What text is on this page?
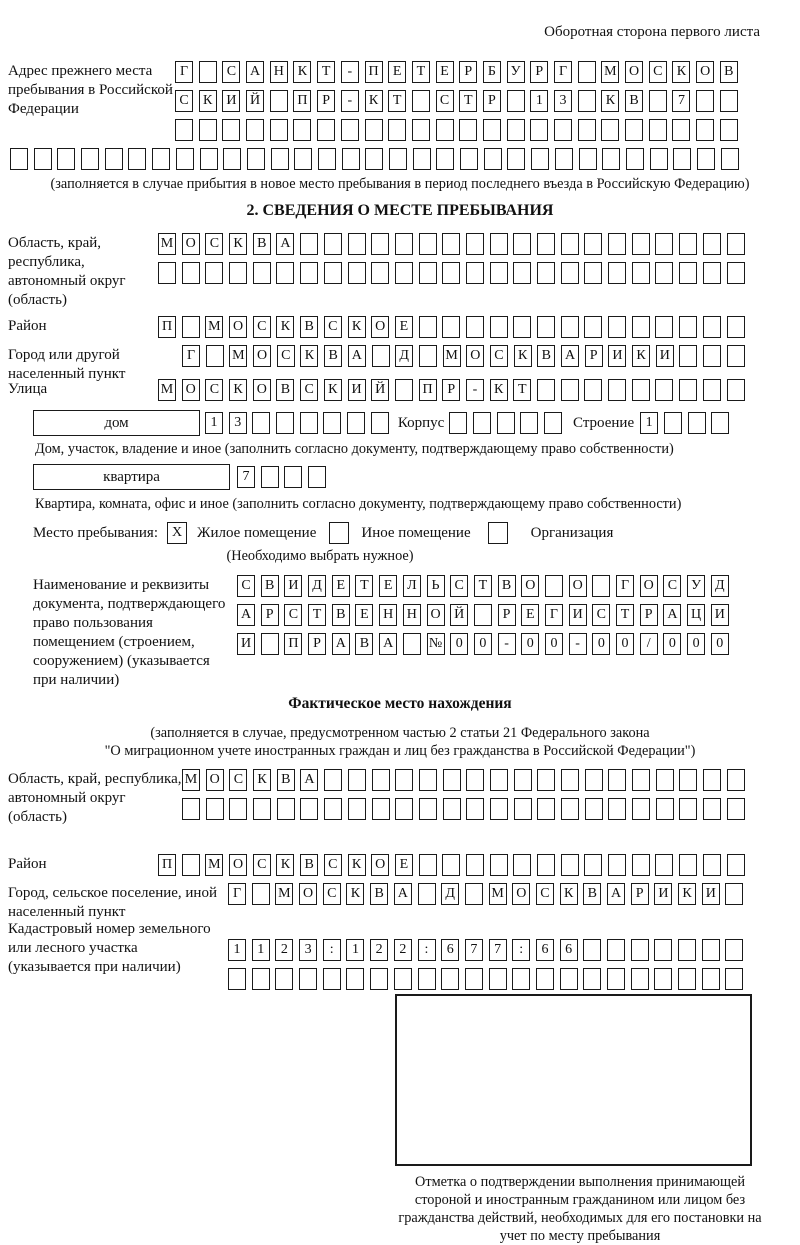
Оборотная сторона первого листа
Адрес прежнего места пребывания в Российской Федерации
Г	С А Н К	Т	-	П	Е	Т	Е	Р	Б	У	Р	Г	М О С	К О В
С	К И Й	П	Р	-	К	Т	С	Т	Р	1	3	К	В	7
(заполняется в случае прибытия в новое место пребывания в период последнего въезда в Российскую Федерацию)
2. СВЕДЕНИЯ О МЕСТЕ ПРЕБЫВАНИЯ
Область, край, республика, автономный округ (область)
М О С	К	В А
Район	П	М О С	К	В	С	К О	Е
Город или другой населенный пункт
Г	М О С	К	В А	Д	М О С	К	В А	Р	И К И
Улица	М О С	К О В	С	К И Й	П	Р	-	К	Т
дом	1	3	Корпус	Строение 1
Дом, участок, владение и иное (заполнить согласно документу, подтверждающему право собственности)
квартира	7
Квартира, комната, офис и иное (заполнить согласно документу, подтверждающему право собственности)
Место пребывания: X Жилое помещение	Иное помещение	Организация
(Необходимо выбрать нужное)
Наименование и реквизиты документа, подтверждающего право пользования помещением (строением, сооружением) (указывается при наличии)
С	В И Д	Е	Т	Е	Л	Ь	С	Т	В О	О	Г	О С	У Д
А	Р	С	Т	В	Е	Н Н О Й	Р	Е	Г	И С	Т	Р	А Ц И
И	П	Р	А В А	№ 0	0	-	0	0	-	0	0	/	0	0	0
Фактическое место нахождения
(заполняется в случае, предусмотренном частью 2 статьи 21 Федерального закона
"О миграционном учете иностранных граждан и лиц без гражданства в Российской Федерации")
Область, край, республика, автономный округ (область)
М О С	К	В А
Район	П	М О С	К	В	С	К О	Е
Город, сельское поселение, иной населенный пункт
Г	М О С	К	В А	Д	М О С	К	В А	Р	И К И
Кадастровый номер земельного или лесного участка (указывается при наличии)
1	1	2	3	:	1	2	2	:	6	7	7	:	6	6
Отметка о подтверждении выполнения принимающей стороной и иностранным гражданином или лицом без гражданства действий, необходимых для его постановки на учет по месту пребывания
